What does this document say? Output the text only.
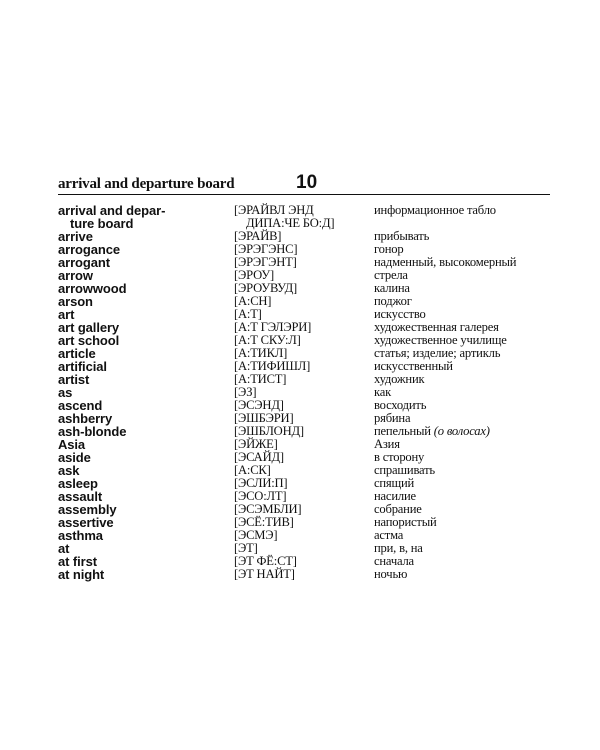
arrival and departure board	10
arrival and depar-	[ЭРАЙВЛ ЭНД	информационное табло
ture board	ДИПА:ЧЕ БО:Д]
arrive	[ЭРАЙВ]	прибывать
arrogance	[ЭРЭГЭНС]	гонор
arrogant	[ЭРЭГЭНТ]	надменный, высокомерный
arrow	[ЭРОУ]	стрела
arrowwood	[ЭРОУВУД]	калина
arson	[А:СН]	поджог
art	[А:Т]	искусство
art gallery	[А:Т ГЭЛЭРИ]	художественная галерея
art school	[А:Т СКУ:Л]	художественное училище
article	[А:ТИКЛ]	статья; изделие; артикль
artificial	[А:ТИФИШЛ]	искусственный
artist	[А:ТИСТ]	художник
as	[ЭЗ]	как
ascend	[ЭСЭНД]	восходить
ashberry	[ЭШБЭРИ]	рябина
ash-blonde	[ЭШБЛОНД]	пепельный (о волосах)
Asia	[ЭЙЖЕ]	Азия
aside	[ЭСАЙД]	в сторону
ask	[А:СК]	спрашивать
asleep	[ЭСЛИ:П]	спящий
assault	[ЭСО:ЛТ]	насилие
assembly	[ЭСЭМБЛИ]	собрание
assertive	[ЭСЁ:ТИВ]	напористый
asthma	[ЭСМЭ]	астма
at	[ЭТ]	при, в, на
at first	[ЭТ ФЁ:СТ]	сначала
at night	[ЭТ НАЙТ]	ночью
